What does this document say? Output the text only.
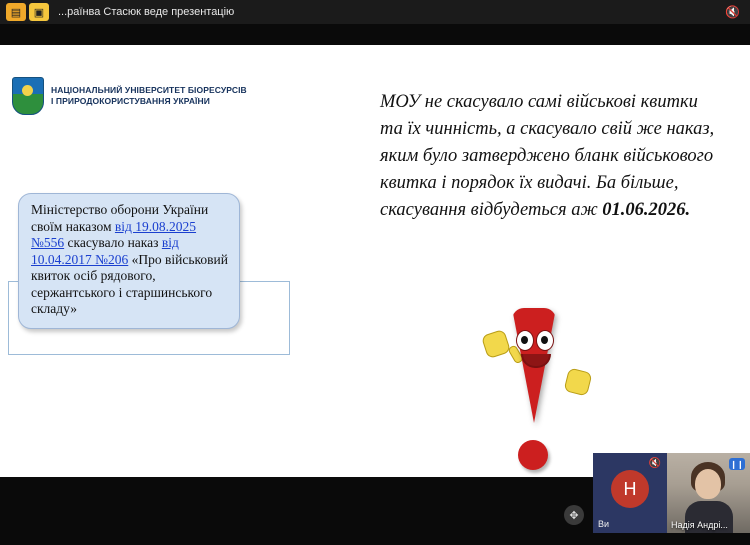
▤	▣	...раїнва Стасюк веде презентацію	🔇
НАЦІОНАЛЬНИЙ УНІВЕРСИТЕТ БІОРЕСУРСІВ
І ПРИРОДОКОРИСТУВАННЯ УКРАЇНИ
Міністерство оборони України своїм наказом від 19.08.2025 №556 скасувало наказ від 10.04.2017 №206 «Про військовий квиток осіб рядового, сержантського і старшинського складу»
МОУ не скасувало самі військові квитки та їх чинність, а скасувало свій же наказ, яким було затверджено бланк військового квитка і порядок їх видачі. Ба більше, скасування відбудеться аж 01.06.2026.
✥
🔇
Н
Ви
❙❙
Надія Андрі...
